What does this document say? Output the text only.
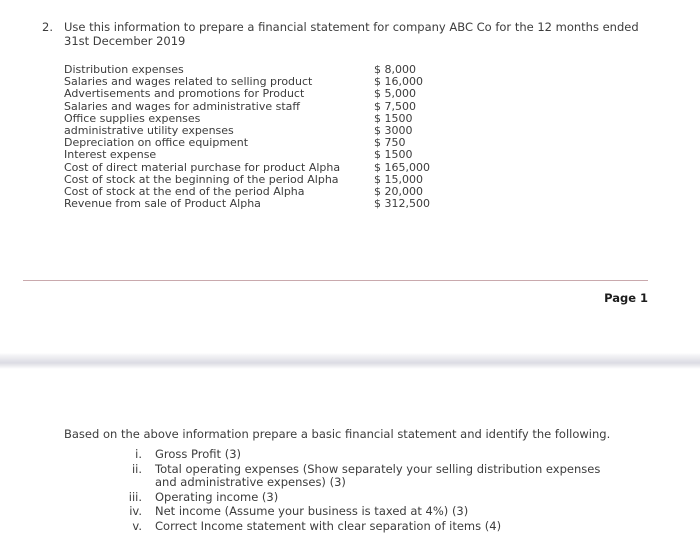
2. Use this information to prepare a financial statement for company ABC Co for the 12 months ended 31st December 2019
Distribution expenses	$ 8,000
Salaries and wages related to selling product	$ 16,000
Advertisements and promotions for Product	$ 5,000
Salaries and wages for administrative staff	$ 7,500
Office supplies expenses	$ 1500
administrative utility expenses	$ 3000
Depreciation on office equipment	$ 750
Interest expense	$ 1500
Cost of direct material purchase for product Alpha	$ 165,000
Cost of stock at the beginning of the period Alpha	$ 15,000
Cost of stock at the end of the period Alpha	$ 20,000
Revenue from sale of Product Alpha	$ 312,500
Page 1
Based on the above information prepare a basic financial statement and identify the following.
i.	Gross Profit (3)
ii.	Total operating expenses (Show separately your selling distribution expenses and administrative expenses) (3)
iii.	Operating income (3)
iv.	Net income (Assume your business is taxed at 4%) (3)
v.	Correct Income statement with clear separation of items (4)
